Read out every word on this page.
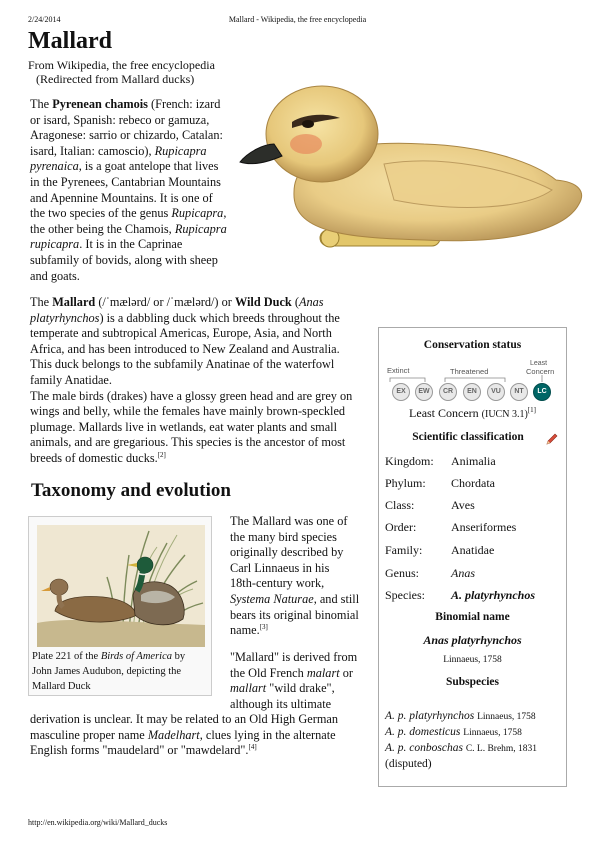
2/24/2014	Mallard - Wikipedia, the free encyclopedia
Mallard
From Wikipedia, the free encyclopedia
(Redirected from Mallard ducks)
The Pyrenean chamois (French: izard
or isard, Spanish: rebeco or gamuza,
Aragonese: sarrio or chizardo, Catalan:
isard, Italian: camoscio), Rupicapra
pyrenaica, is a goat antelope that lives
in the Pyrenees, Cantabrian Mountains
and Apennine Mountains. It is one of
the two species of the genus Rupicapra,
the other being the Chamois, Rupicapra
rupicapra. It is in the Caprinae
subfamily of bovids, along with sheep
and goats.
The Mallard (/ˈmælərd/ or /ˈmælərd/) or Wild Duck (Anas
platyrhynchos) is a dabbling duck which breeds throughout the
temperate and subtropical Americas, Europe, Asia, and North
Africa, and has been introduced to New Zealand and Australia.
This duck belongs to the subfamily Anatinae of the waterfowl
family Anatidae.
The male birds (drakes) have a glossy green head and are grey on
wings and belly, while the females have mainly brown-speckled
plumage. Mallards live in wetlands, eat water plants and small
animals, and are gregarious. This species is the ancestor of most
breeds of domestic ducks.[2]
Taxonomy and evolution
Plate 221 of the Birds of America by
John James Audubon, depicting the
Mallard Duck
The Mallard was one of
the many bird species
originally described by
Carl Linnaeus in his
18th-century work,
Systema Naturae, and still
bears its original binomial
name.[3]
"Mallard" is derived from
the Old French malart or
mallart "wild drake",
although its ultimate
derivation is unclear. It may be related to an Old High German
masculine proper name Madelhart, clues lying in the alternate
English forms "maudelard" or "mawdelard".[4]
Conservation status
Extinct	Threatened
Least
Concern
EX	EW	CR	EN	VU	NT	LC
Least Concern (IUCN 3.1)[1]
Scientific classification
Kingdom: Animalia
Phylum: Chordata
Class:	Aves
Order:	Anseriformes
Family: Anatidae
Genus:	Anas
Species: A. platyrhynchos
Binomial name
Anas platyrhynchos
Linnaeus, 1758
Subspecies
A. p. platyrhynchos Linnaeus, 1758
A. p. domesticus Linnaeus, 1758
A. p. conboschas C. L. Brehm, 1831
(disputed)
http://en.wikipedia.org/wiki/Mallard_ducks
